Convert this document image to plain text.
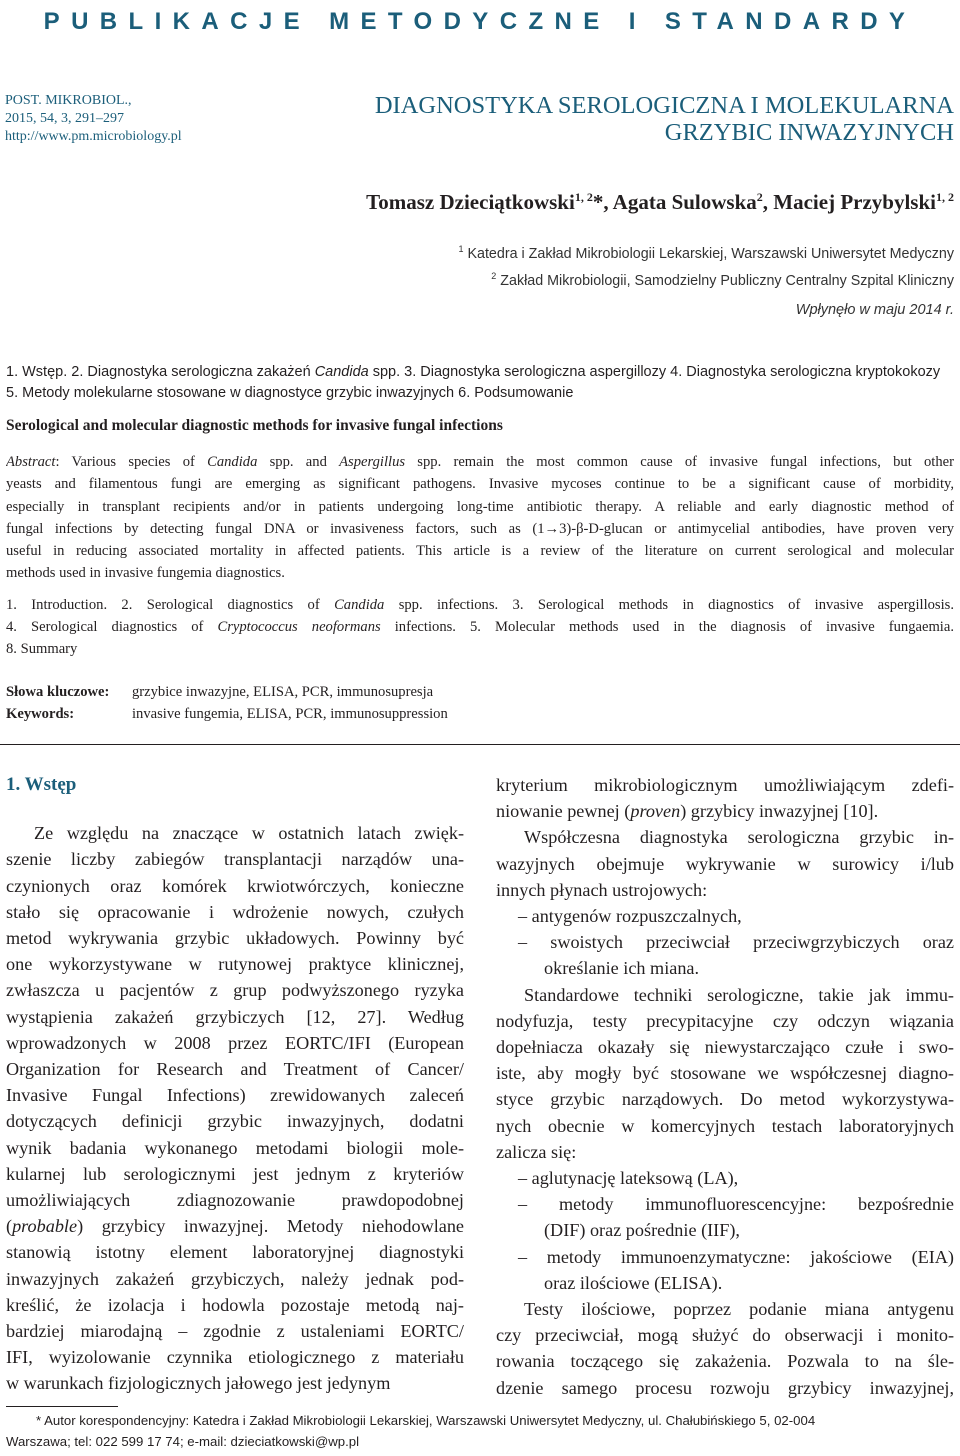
PUBLIKACJE METODYCZNE I STANDARDY
POST. MIKROBIOL.,
2015, 54, 3, 291–297
http://www.pm.microbiology.pl
DIAGNOSTYKA SEROLOGICZNA I MOLEKULARNA
GRZYBIC INWAZYJNYCH
Tomasz Dzieciątkowski$^{1, 2}$*, Agata Sulowska$^2$, Maciej Przybylski$^{1, 2}$
$^1$ Katedra i Zakład Mikrobiologii Lekarskiej, Warszawski Uniwersytet Medyczny
$^2$ Zakład Mikrobiologii, Samodzielny Publiczny Centralny Szpital Kliniczny
Wpłynęło w maju 2014 r.
1. Wstęp. 2. Diagnostyka serologiczna zakażeń Candida spp. 3. Diagnostyka serologiczna aspergillozy 4. Diagnostyka serologiczna kryptokokozy 5. Metody molekularne stosowane w diagnostyce grzybic inwazyjnych 6. Podsumowanie
Serological and molecular diagnostic methods for invasive fungal infections
Abstract: Various species of Candida spp. and Aspergillus spp. remain the most common cause of invasive fungal infections, but other
yeasts and filamentous fungi are emerging as significant pathogens. Invasive mycoses continue to be a significant cause of morbidity,
especially in transplant recipients and/or in patients undergoing long-time antibiotic therapy. A reliable and early diagnostic method of
fungal infections by detecting fungal DNA or invasiveness factors, such as (1→3)-β-D-glucan or antimycelial antibodies, have proven very
useful in reducing associated mortality in affected patients. This article is a review of the literature on current serological and molecular
methods used in invasive fungemia diagnostics.
1. Introduction. 2. Serological diagnostics of Candida spp. infections. 3. Serological methods in diagnostics of invasive aspergillosis.
4. Serological diagnostics of Cryptococcus neoformans infections. 5. Molecular methods used in the diagnosis of invasive fungaemia.
8. Summary
Słowa kluczowe: grzybice inwazyjne, ELISA, PCR, immunosupresja
Keywords:	invasive fungemia, ELISA, PCR, immunosuppression
1. Wstęp
Ze względu na znaczące w ostatnich latach zwięk-
szenie liczby zabiegów transplantacji narządów una-
czynionych oraz komórek krwiotwórczych, konieczne
stało się opracowanie i wdrożenie nowych, czułych
metod wykrywania grzybic układowych. Powinny być
one wykorzystywane w rutynowej praktyce klinicznej,
zwłaszcza u pacjentów z grup podwyższonego ryzyka
wystąpienia zakażeń grzybiczych [12, 27]. Według
wprowadzonych w 2008 przez EORTC/IFI (European
Organization for Research and Treatment of Cancer/
Invasive Fungal Infections) zrewidowanych zaleceń
dotyczących definicji grzybic inwazyjnych, dodatni
wynik badania wykonanego metodami biologii mole-
kularnej lub serologicznymi jest jednym z kryteriów
umożliwiających zdiagnozowanie prawdopodobnej
(probable) grzybicy inwazyjnej. Metody niehodowlane
stanowią istotny element laboratoryjnej diagnostyki
inwazyjnych zakażeń grzybiczych, należy jednak pod-
kreślić, że izolacja i hodowla pozostaje metodą naj-
bardziej miarodajną – zgodnie z ustaleniami EORTC/
IFI, wyizolowanie czynnika etiologicznego z materiału
w warunkach fizjologicznych jałowego jest jedynym
kryterium mikrobiologicznym umożliwiającym zdefi-
niowanie pewnej (proven) grzybicy inwazyjnej [10].
Współczesna diagnostyka serologiczna grzybic in-
wazyjnych obejmuje wykrywanie w surowicy i/lub
innych płynach ustrojowych:
– antygenów rozpuszczalnych,
– swoistych przeciwciał przeciwgrzybiczych oraz
określanie ich miana.
Standardowe techniki serologiczne, takie jak immu-
nodyfuzja, testy precypitacyjne czy odczyn wiązania
dopełniacza okazały się niewystarczająco czułe i swo-
iste, aby mogły być stosowane we współczesnej diagno-
styce grzybic narządowych. Do metod wykorzystywa-
nych obecnie w komercyjnych testach laboratoryjnych
zalicza się:
– aglutynację lateksową (LA),
– metody immunofluorescencyjne: bezpośrednie
(DIF) oraz pośrednie (IIF),
– metody immunoenzymatyczne: jakościowe (EIA)
oraz ilościowe (ELISA).
Testy ilościowe, poprzez podanie miana antygenu
czy przeciwciał, mogą służyć do obserwacji i monito-
rowania toczącego się zakażenia. Pozwala to na śle-
dzenie samego procesu rozwoju grzybicy inwazyjnej,
* Autor korespondencyjny: Katedra i Zakład Mikrobiologii Lekarskiej, Warszawski Uniwersytet Medyczny, ul. Chałubińskiego 5, 02-004
Warszawa; tel: 022 599 17 74; e-mail: dzieciatkowski@wp.pl
